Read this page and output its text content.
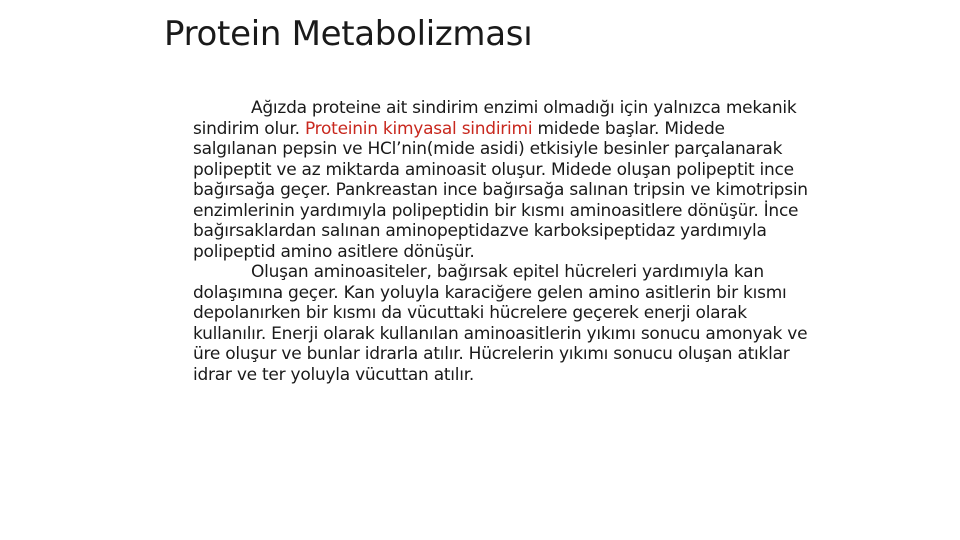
Protein Metabolizması

Ağızda proteine ait sindirim enzimi olmadığı için yalnızca mekanik sindirim olur. Proteinin kimyasal sindirimi midede başlar. Midede salgılanan pepsin ve HCl’nin(mide asidi) etkisiyle besinler parçalanarak polipeptit ve az miktarda aminoasit oluşur. Midede oluşan polipeptit ince bağırsağa geçer. Pankreastan ince bağırsağa salınan tripsin ve kimotripsin enzimlerinin yardımıyla polipeptidin bir kısmı aminoasitlere dönüşür. İnce bağırsaklardan salınan aminopeptidazve karboksipeptidaz yardımıyla polipeptid amino asitlere dönüşür.

Oluşan aminoasiteler, bağırsak epitel hücreleri yardımıyla kan dolaşımına geçer. Kan yoluyla karaciğere gelen amino asitlerin bir kısmı depolanırken bir kısmı da vücuttaki hücrelere geçerek enerji olarak kullanılır. Enerji olarak kullanılan aminoasitlerin yıkımı sonucu amonyak ve üre oluşur ve bunlar idrarla atılır. Hücrelerin yıkımı sonucu oluşan atıklar idrar ve ter yoluyla vücuttan atılır.
